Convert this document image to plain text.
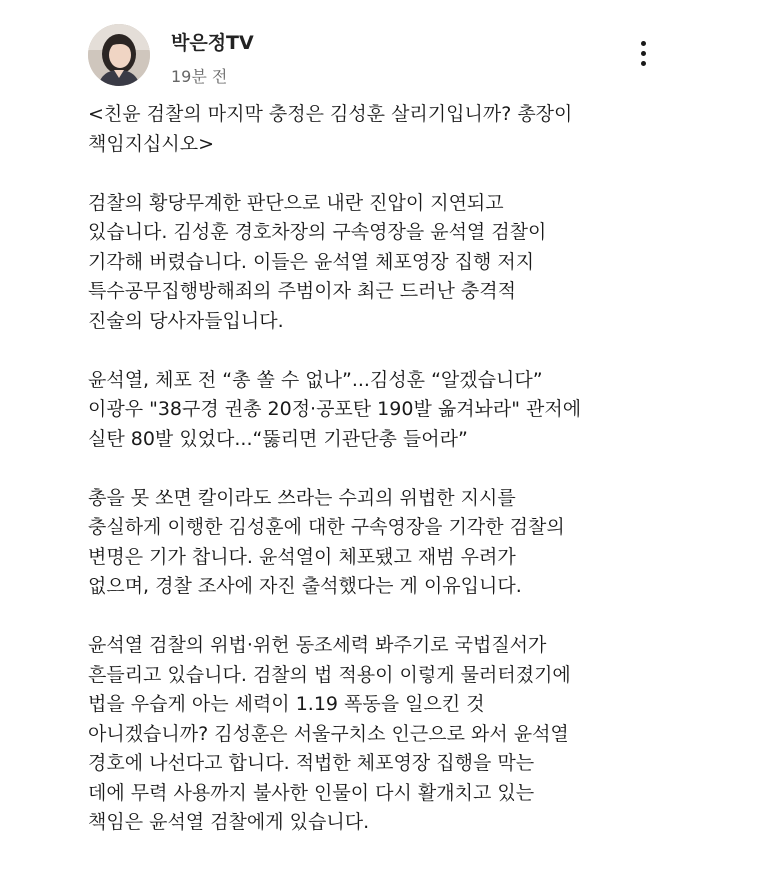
박은정TV
19분 전

<친윤 검찰의 마지막 충정은 김성훈 살리기입니까? 총장이
책임지십시오>

검찰의 황당무계한 판단으로 내란 진압이 지연되고
있습니다. 김성훈 경호차장의 구속영장을 윤석열 검찰이
기각해 버렸습니다. 이들은 윤석열 체포영장 집행 저지
특수공무집행방해죄의 주범이자 최근 드러난 충격적
진술의 당사자들입니다.

윤석열, 체포 전 “총 쏠 수 없나”...김성훈 “알겠습니다”
이광우 "38구경 권총 20정·공포탄 190발 옮겨놔라" 관저에
실탄 80발 있었다...“뚫리면 기관단총 들어라”

총을 못 쏘면 칼이라도 쓰라는 수괴의 위법한 지시를
충실하게 이행한 김성훈에 대한 구속영장을 기각한 검찰의
변명은 기가 찹니다. 윤석열이 체포됐고 재범 우려가
없으며, 경찰 조사에 자진 출석했다는 게 이유입니다.

윤석열 검찰의 위법·위헌 동조세력 봐주기로 국법질서가
흔들리고 있습니다. 검찰의 법 적용이 이렇게 물러터졌기에
법을 우습게 아는 세력이 1.19 폭동을 일으킨 것
아니겠습니까? 김성훈은 서울구치소 인근으로 와서 윤석열
경호에 나선다고 합니다. 적법한 체포영장 집행을 막는
데에 무력 사용까지 불사한 인물이 다시 활개치고 있는
책임은 윤석열 검찰에게 있습니다.
